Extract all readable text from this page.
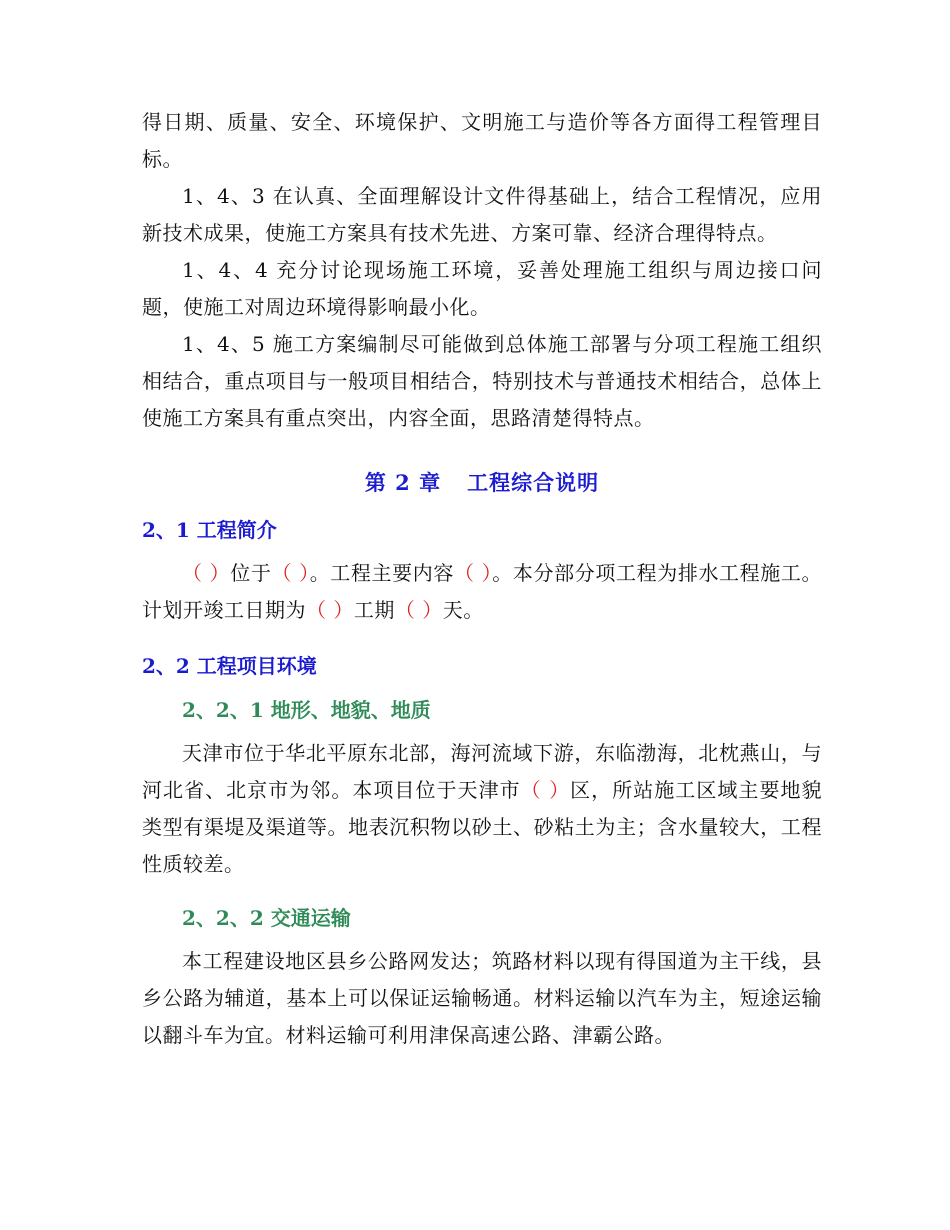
得日期、质量、安全、环境保护、文明施工与造价等各方面得工程管理目标。

1、4、3 在认真、全面理解设计文件得基础上，结合工程情况，应用新技术成果，使施工方案具有技术先进、方案可靠、经济合理得特点。

1、4、4 充分讨论现场施工环境，妥善处理施工组织与周边接口问题，使施工对周边环境得影响最小化。

1、4、5 施工方案编制尽可能做到总体施工部署与分项工程施工组织相结合，重点项目与一般项目相结合，特别技术与普通技术相结合，总体上使施工方案具有重点突出，内容全面，思路清楚得特点。

第 2 章 工程综合说明
2、1 工程简介

（ ）位于（ ）。工程主要内容（ ）。本分部分项工程为排水工程施工。计划开竣工日期为（ ）工期（ ）天。

2、2 工程项目环境
2、2、1 地形、地貌、地质

天津市位于华北平原东北部，海河流域下游，东临渤海，北枕燕山，与河北省、北京市为邻。本项目位于天津市（ ）区，所站施工区域主要地貌类型有渠堤及渠道等。地表沉积物以砂土、砂粘土为主；含水量较大，工程性质较差。

2、2、2 交通运输

本工程建设地区县乡公路网发达；筑路材料以现有得国道为主干线，县乡公路为辅道，基本上可以保证运输畅通。材料运输以汽车为主，短途运输以翻斗车为宜。材料运输可利用津保高速公路、津霸公路。
